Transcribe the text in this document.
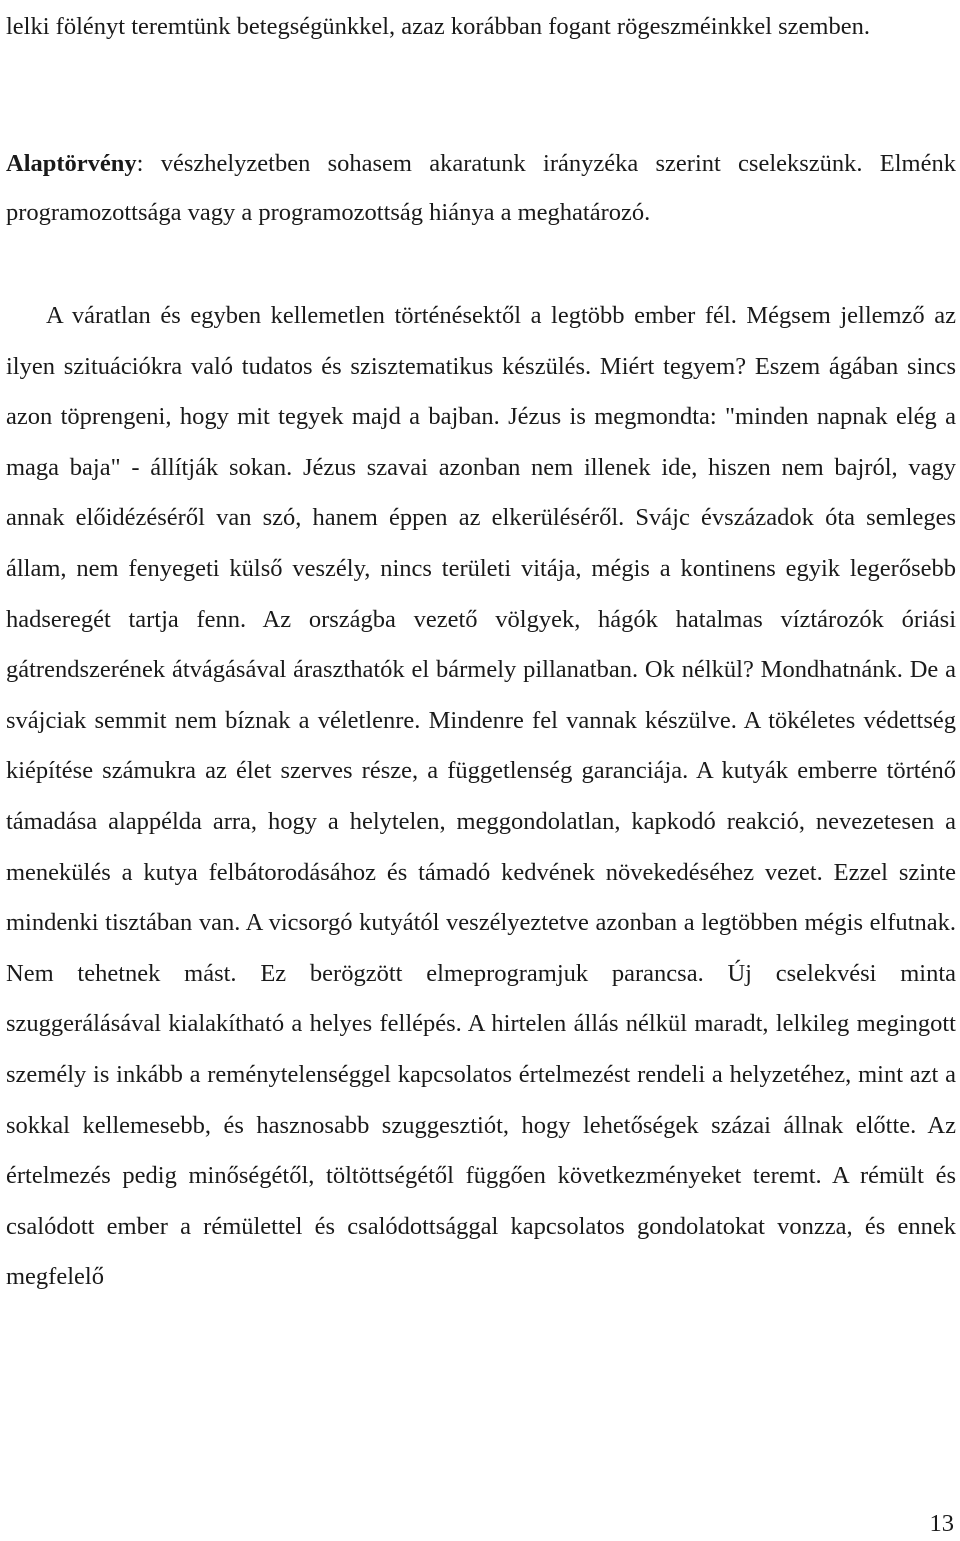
lelki fölényt teremtünk betegségünkkel, azaz korábban fogant rögeszméinkkel szemben.

Alaptörvény: vészhelyzetben sohasem akaratunk irányzéka szerint cselekszünk. Elménk programozottsága vagy a programozottság hiánya a meghatározó.

A váratlan és egyben kellemetlen történésektől a legtöbb ember fél. Mégsem jellemző az ilyen szituációkra való tudatos és szisztematikus készülés. Miért tegyem? Eszem ágában sincs azon töprengeni, hogy mit tegyek majd a bajban. Jézus is megmondta: "minden napnak elég a maga baja" - állítják sokan. Jézus szavai azonban nem illenek ide, hiszen nem bajról, vagy annak előidézéséről van szó, hanem éppen az elkerüléséről. Svájc évszázadok óta semleges állam, nem fenyegeti külső veszély, nincs területi vitája, mégis a kontinens egyik legerősebb hadseregét tartja fenn. Az országba vezető völgyek, hágók hatalmas víztározók óriási gátrendszerének átvágásával áraszthatók el bármely pillanatban. Ok nélkül? Mondhatnánk. De a svájciak semmit nem bíznak a véletlenre. Mindenre fel vannak készülve. A tökéletes védettség kiépítése számukra az élet szerves része, a függetlenség garanciája. A kutyák emberre történő támadása alappélda arra, hogy a helytelen, meggondolatlan, kapkodó reakció, nevezetesen a menekülés a kutya felbátorodásához és támadó kedvének növekedéséhez vezet. Ezzel szinte mindenki tisztában van. A vicsorgó kutyától veszélyeztetve azonban a legtöbben mégis elfutnak. Nem tehetnek mást. Ez berögzött elmeprogramjuk parancsa. Új cselekvési minta szuggerálásával kialakítható a helyes fellépés. A hirtelen állás nélkül maradt, lelkileg megingott személy is inkább a reménytelenséggel kapcsolatos értelmezést rendeli a helyzetéhez, mint azt a sokkal kellemesebb, és hasznosabb szuggesztiót, hogy lehetőségek százai állnak előtte. Az értelmezés pedig minőségétől, töltöttségétől függően következményeket teremt. A rémült és csalódott ember a rémülettel és csalódottsággal kapcsolatos gondolatokat vonzza, és ennek megfelelő

13
